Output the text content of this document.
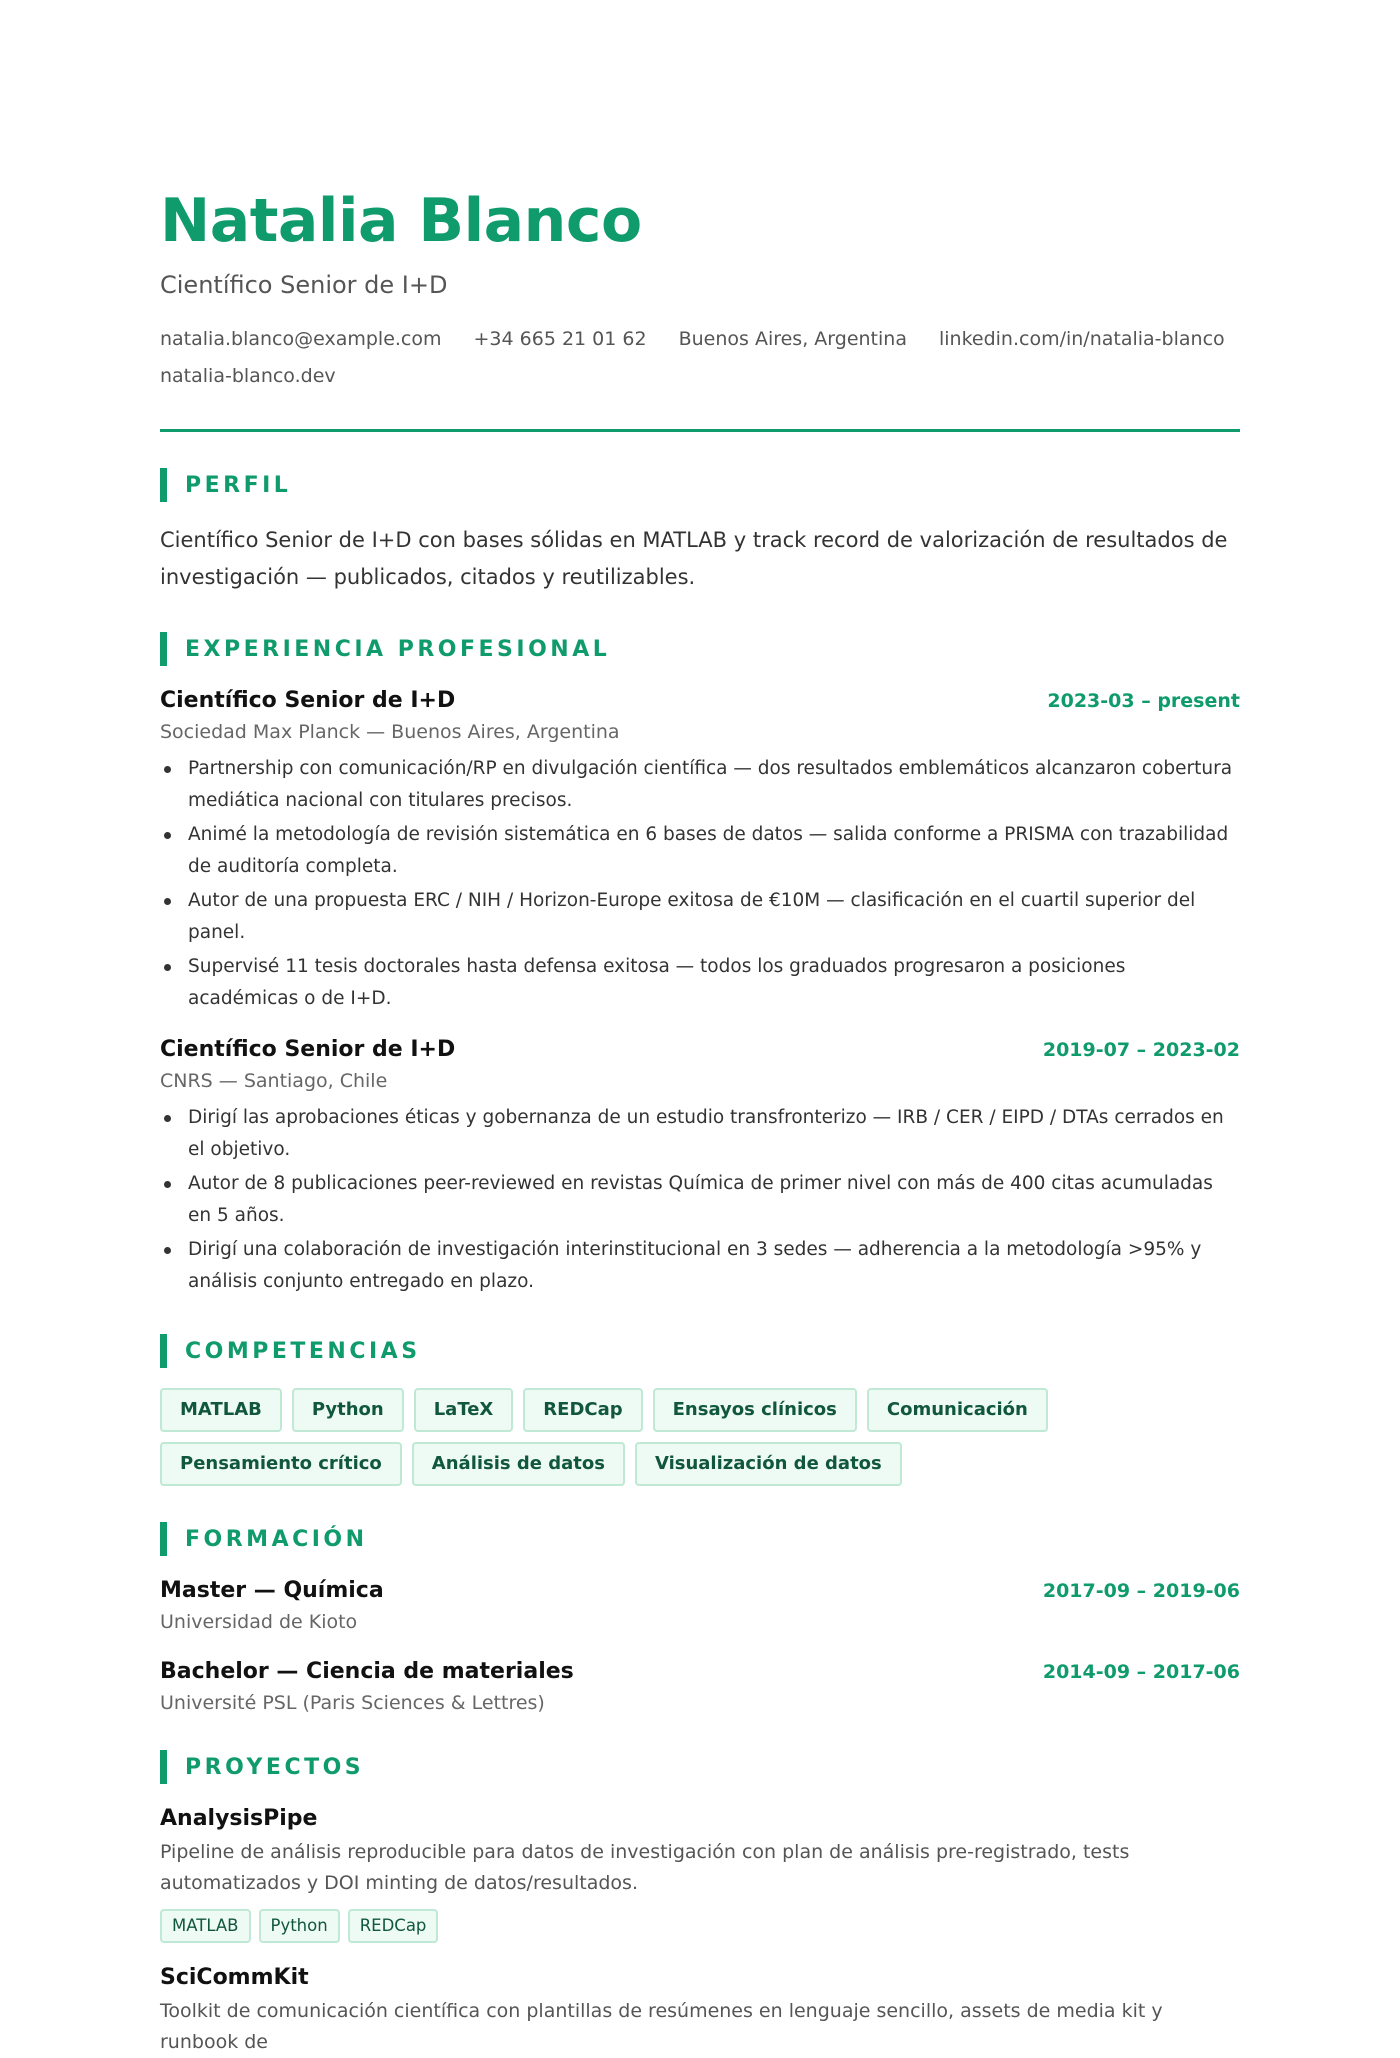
Natalia Blanco
Científico Senior de I+D
natalia.blanco@example.com +34 665 21 01 62 Buenos Aires, Argentina linkedin.com/in/natalia-blanco
natalia-blanco.dev
PERFIL

Científico Senior de I+D con bases sólidas en MATLAB y track record de valorización de resultados de investigación — publicados, citados y reutilizables.

EXPERIENCIA PROFESIONAL
Científico Senior de I+D	2023-03 – present
Sociedad Max Planck — Buenos Aires, Argentina
Partnership con comunicación/RP en divulgación científica — dos resultados emblemáticos alcanzaron cobertura mediática nacional con titulares precisos.
Animé la metodología de revisión sistemática en 6 bases de datos — salida conforme a PRISMA con trazabilidad de auditoría completa.
Autor de una propuesta ERC / NIH / Horizon-Europe exitosa de €10M — clasificación en el cuartil superior del panel.
Supervisé 11 tesis doctorales hasta defensa exitosa — todos los graduados progresaron a posiciones académicas o de I+D.
Científico Senior de I+D	2019-07 – 2023-02
CNRS — Santiago, Chile
Dirigí las aprobaciones éticas y gobernanza de un estudio transfronterizo — IRB / CER / EIPD / DTAs cerrados en el objetivo.
Autor de 8 publicaciones peer-reviewed en revistas Química de primer nivel con más de 400 citas acumuladas en 5 años.
Dirigí una colaboración de investigación interinstitucional en 3 sedes — adherencia a la metodología >95% y análisis conjunto entregado en plazo.
COMPETENCIAS
MATLAB	Python	LaTeX	REDCap	Ensayos clínicos	Comunicación
Pensamiento crítico	Análisis de datos	Visualización de datos
FORMACIÓN
Master — Química	2017-09 – 2019-06
Universidad de Kioto
Bachelor — Ciencia de materiales	2014-09 – 2017-06
Université PSL (Paris Sciences & Lettres)
PROYECTOS
AnalysisPipe
Pipeline de análisis reproducible para datos de investigación con plan de análisis pre-registrado, tests automatizados y DOI minting de datos/resultados.
MATLAB	Python	REDCap
SciCommKit
Toolkit de comunicación científica con plantillas de resúmenes en lenguaje sencillo, assets de media kit y runbook de
